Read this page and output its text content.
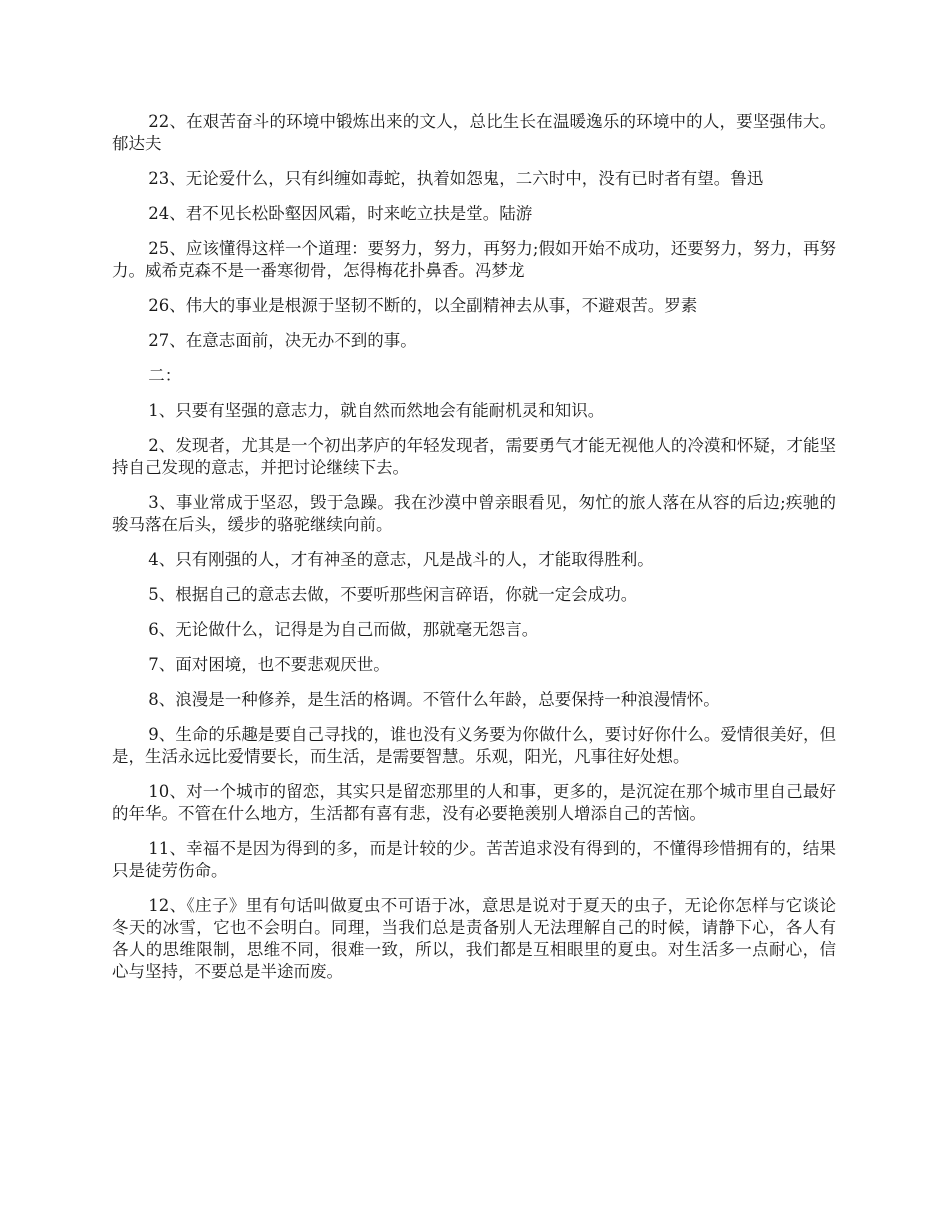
22、在艰苦奋斗的环境中锻炼出来的文人，总比生长在温暖逸乐的环境中的人，要坚强伟大。郁达夫

23、无论爱什么，只有纠缠如毒蛇，执着如怨鬼，二六时中，没有已时者有望。鲁迅

24、君不见长松卧壑因风霜，时来屹立扶是堂。陆游

25、应该懂得这样一个道理：要努力，努力，再努力;假如开始不成功，还要努力，努力，再努力。威希克森不是一番寒彻骨，怎得梅花扑鼻香。冯梦龙

26、伟大的事业是根源于坚韧不断的，以全副精神去从事，不避艰苦。罗素

27、在意志面前，决无办不到的事。

二：

1、只要有坚强的意志力，就自然而然地会有能耐机灵和知识。

2、发现者，尤其是一个初出茅庐的年轻发现者，需要勇气才能无视他人的冷漠和怀疑，才能坚持自己发现的意志，并把讨论继续下去。

3、事业常成于坚忍，毁于急躁。我在沙漠中曾亲眼看见，匆忙的旅人落在从容的后边;疾驰的骏马落在后头，缓步的骆驼继续向前。

4、只有刚强的人，才有神圣的意志，凡是战斗的人，才能取得胜利。

5、根据自己的意志去做，不要听那些闲言碎语，你就一定会成功。

6、无论做什么，记得是为自己而做，那就毫无怨言。

7、面对困境，也不要悲观厌世。

8、浪漫是一种修养，是生活的格调。不管什么年龄，总要保持一种浪漫情怀。

9、生命的乐趣是要自己寻找的，谁也没有义务要为你做什么，要讨好你什么。爱情很美好，但是，生活永远比爱情要长，而生活，是需要智慧。乐观，阳光，凡事往好处想。

10、对一个城市的留恋，其实只是留恋那里的人和事，更多的，是沉淀在那个城市里自己最好的年华。不管在什么地方，生活都有喜有悲，没有必要艳羡别人增添自己的苦恼。

11、幸福不是因为得到的多，而是计较的少。苦苦追求没有得到的，不懂得珍惜拥有的，结果只是徒劳伤命。

12、《庄子》里有句话叫做夏虫不可语于冰，意思是说对于夏天的虫子，无论你怎样与它谈论冬天的冰雪，它也不会明白。同理，当我们总是责备别人无法理解自己的时候，请静下心，各人有各人的思维限制，思维不同，很难一致，所以，我们都是互相眼里的夏虫。对生活多一点耐心，信心与坚持，不要总是半途而废。
